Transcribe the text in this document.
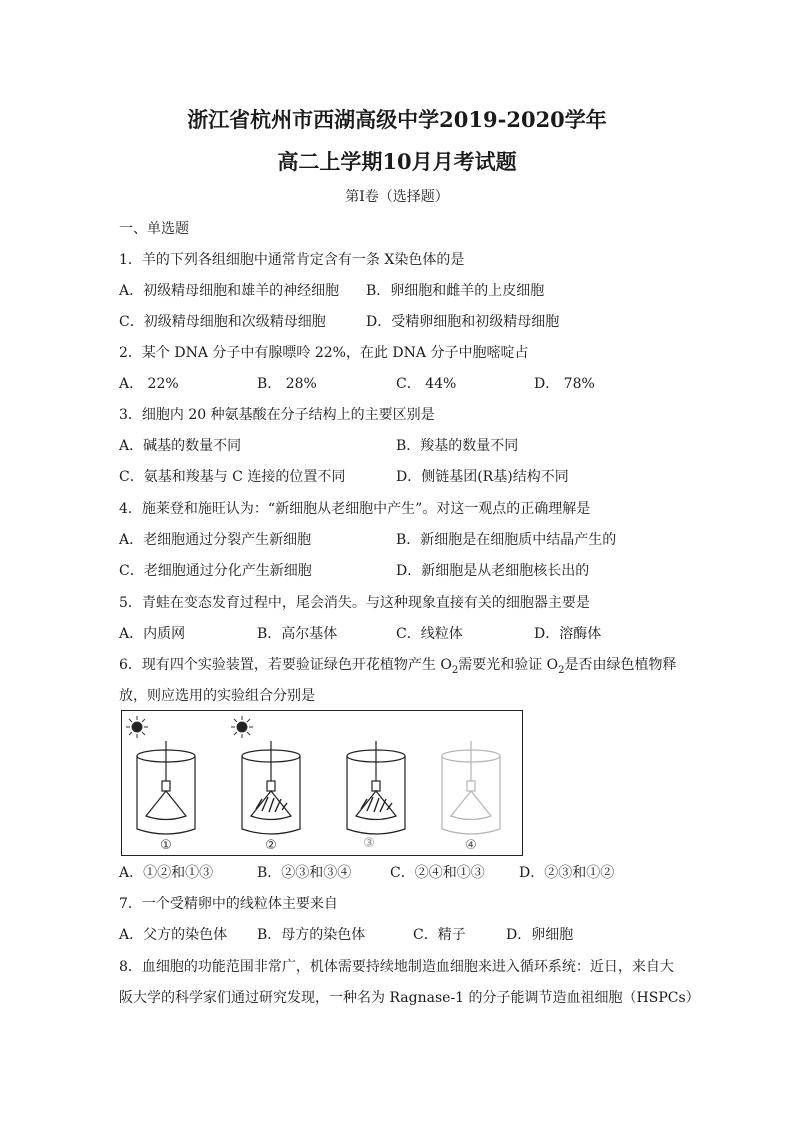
浙江省杭州市西湖高级中学2019-2020学年
高二上学期10月月考试题
第Ⅰ卷（选择题）
一、单选题
1．羊的下列各组细胞中通常肯定含有一条 X染色体的是
A．初级精母细胞和雄羊的神经细胞 B．卵细胞和雌羊的上皮细胞
C．初级精母细胞和次级精母细胞	D．受精卵细胞和初级精母细胞
2．某个 DNA 分子中有腺嘌呤 22%，在此 DNA 分子中胞嘧啶占
A． 22%	B． 28%	C． 44%	D． 78%
3．细胞内 20 种氨基酸在分子结构上的主要区别是
A．碱基的数量不同	B．羧基的数量不同
C．氨基和羧基与 C 连接的位置不同	D．侧链基团(R基)结构不同
4．施莱登和施旺认为：“新细胞从老细胞中产生”。对这一观点的正确理解是
A．老细胞通过分裂产生新细胞	B．新细胞是在细胞质中结晶产生的
C．老细胞通过分化产生新细胞	D．新细胞是从老细胞核长出的
5．青蛙在变态发育过程中，尾会消失。与这种现象直接有关的细胞器主要是
A．内质网	B．高尔基体	C．线粒体	D．溶酶体
6．现有四个实验装置，若要验证绿色开花植物产生 $O_2$需要光和验证 $O_2$是否由绿色植物释
放，则应选用的实验组合分别是
①	②	③	④
A．①②和①③	B．②③和③④	C．②④和①③ D．②③和①②
7．一个受精卵中的线粒体主要来自
A．父方的染色体 B．母方的染色体	C．精子	D．卵细胞
8．血细胞的功能范围非常广，机体需要持续地制造血细胞来进入循环系统：近日，来自大
阪大学的科学家们通过研究发现，一种名为 Ragnase-1 的分子能调节造血祖细胞（HSPCs）
